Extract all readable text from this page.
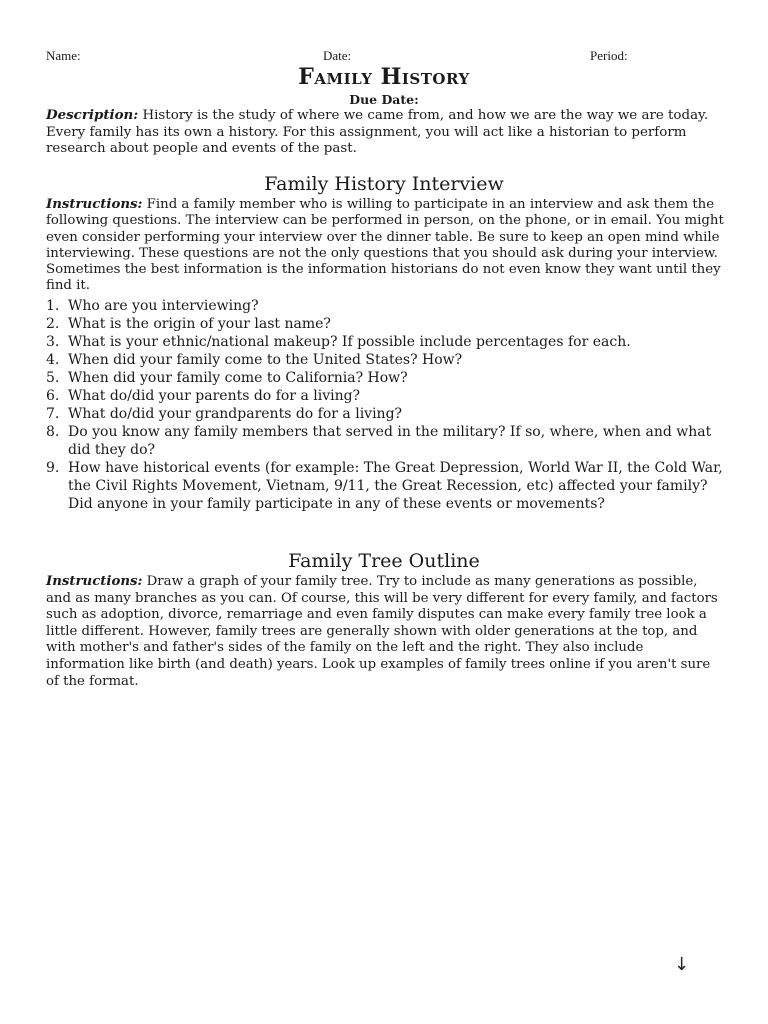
Name:	Date:	Period:
Family History
Due Date:
Description: History is the study of where we came from, and how we are the way we are today. Every family has its own a history. For this assignment, you will act like a historian to perform research about people and events of the past.
Family History Interview
Instructions: Find a family member who is willing to participate in an interview and ask them the following questions. The interview can be performed in person, on the phone, or in email. You might even consider performing your interview over the dinner table. Be sure to keep an open mind while interviewing. These questions are not the only questions that you should ask during your interview. Sometimes the best information is the information historians do not even know they want until they find it.
1. Who are you interviewing?
2. What is the origin of your last name?
3. What is your ethnic/national makeup? If possible include percentages for each.
4. When did your family come to the United States? How?
5. When did your family come to California? How?
6. What do/did your parents do for a living?
7. What do/did your grandparents do for a living?
8. Do you know any family members that served in the military? If so, where, when and what did they do?
9. How have historical events (for example: The Great Depression, World War II, the Cold War, the Civil Rights Movement, Vietnam, 9/11, the Great Recession, etc) affected your family? Did anyone in your family participate in any of these events or movements?
Family Tree Outline
Instructions: Draw a graph of your family tree. Try to include as many generations as possible, and as many branches as you can. Of course, this will be very different for every family, and factors such as adoption, divorce, remarriage and even family disputes can make every family tree look a little different. However, family trees are generally shown with older generations at the top, and with mother's and father's sides of the family on the left and the right. They also include information like birth (and death) years. Look up examples of family trees online if you aren't sure of the format.
↓
